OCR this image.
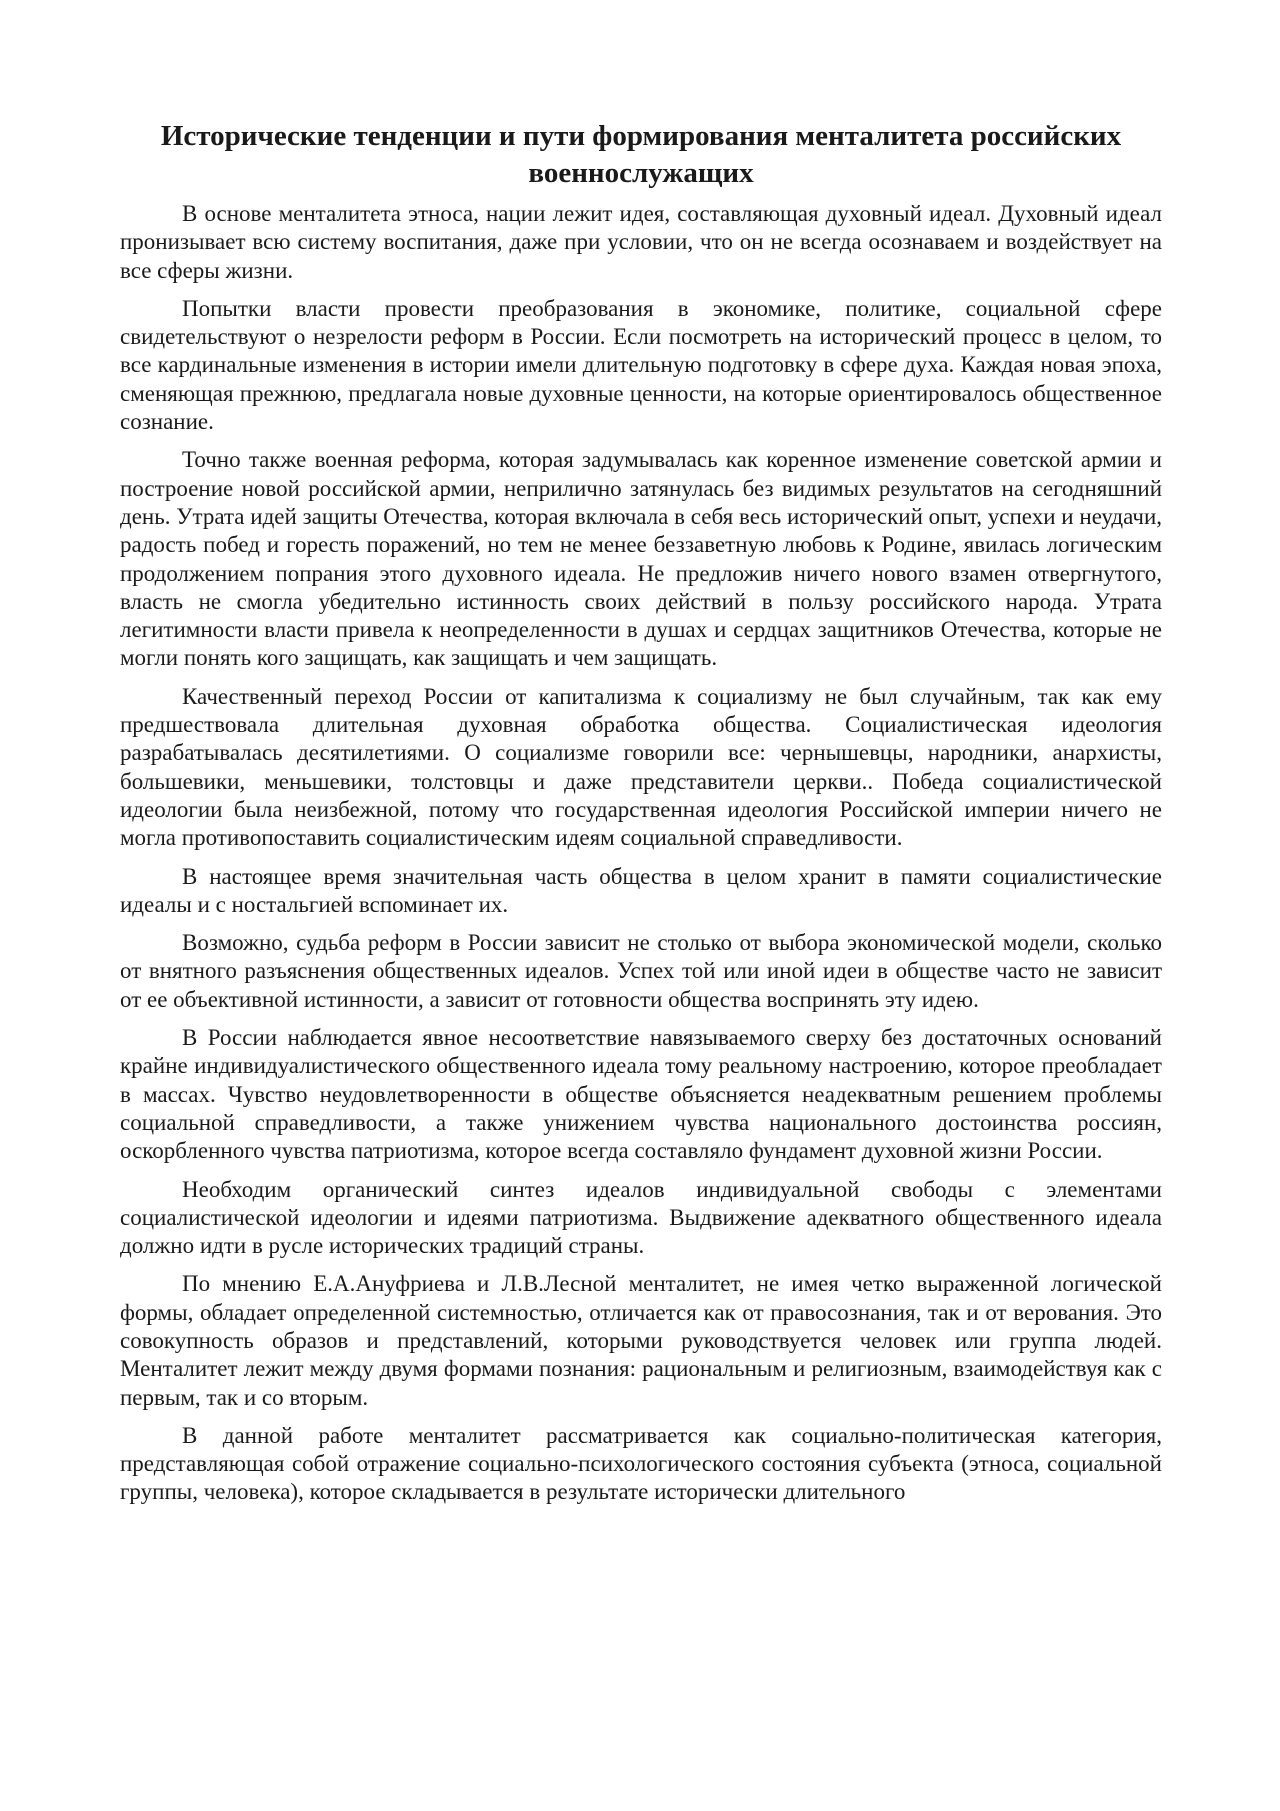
Исторические тенденции и пути формирования менталитета российских военнослужащих

В основе менталитета этноса, нации лежит идея, составляющая духовный идеал. Духовный идеал пронизывает всю систему воспитания, даже при условии, что он не всегда осознаваем и воздействует на все сферы жизни.

Попытки власти провести преобразования в экономике, политике, социальной сфере свидетельствуют о незрелости реформ в России. Если посмотреть на исторический процесс в целом, то все кардинальные изменения в истории имели длительную подготовку в сфере духа. Каждая новая эпоха, сменяющая прежнюю, предлагала новые духовные ценности, на которые ориентировалось общественное сознание.

Точно также военная реформа, которая задумывалась как коренное изменение советской армии и построение новой российской армии, неприлично затянулась без видимых результатов на сегодняшний день. Утрата идей защиты Отечества, которая включала в себя весь исторический опыт, успехи и неудачи, радость побед и горесть поражений, но тем не менее беззаветную любовь к Родине, явилась логическим продолжением попрания этого духовного идеала. Не предложив ничего нового взамен отвергнутого, власть не смогла убедительно истинность своих действий в пользу российского народа. Утрата легитимности власти привела к неопределенности в душах и сердцах защитников Отечества, которые не могли понять кого защищать, как защищать и чем защищать.

Качественный переход России от капитализма к социализму не был случайным, так как ему предшествовала длительная духовная обработка общества. Социалистическая идеология разрабатывалась десятилетиями. О социализме говорили все: чернышевцы, народники, анархисты, большевики, меньшевики, толстовцы и даже представители церкви.. Победа социалистической идеологии была неизбежной, потому что государственная идеология Российской империи ничего не могла противопоставить социалистическим идеям социальной справедливости.

В настоящее время значительная часть общества в целом хранит в памяти социалистические идеалы и с ностальгией вспоминает их.

Возможно, судьба реформ в России зависит не столько от выбора экономической модели, сколько от внятного разъяснения общественных идеалов. Успех той или иной идеи в обществе часто не зависит от ее объективной истинности, а зависит от готовности общества воспринять эту идею.

В России наблюдается явное несоответствие навязываемого сверху без достаточных оснований крайне индивидуалистического общественного идеала тому реальному настроению, которое преобладает в массах. Чувство неудовлетворенности в обществе объясняется неадекватным решением проблемы социальной справедливости, а также унижением чувства национального достоинства россиян, оскорбленного чувства патриотизма, которое всегда составляло фундамент духовной жизни России.

Необходим органический синтез идеалов индивидуальной свободы с элементами социалистической идеологии и идеями патриотизма. Выдвижение адекватного общественного идеала должно идти в русле исторических традиций страны.

По мнению Е.А.Ануфриева и Л.В.Лесной менталитет, не имея четко выраженной логической формы, обладает определенной системностью, отличается как от правосознания, так и от верования. Это совокупность образов и представлений, которыми руководствуется человек или группа людей. Менталитет лежит между двумя формами познания: рациональным и религиозным, взаимодействуя как с первым, так и со вторым.

В данной работе менталитет рассматривается как социально-политическая категория, представляющая собой отражение социально-психологического состояния субъекта (этноса, социальной группы, человека), которое складывается в результате исторически длительного
